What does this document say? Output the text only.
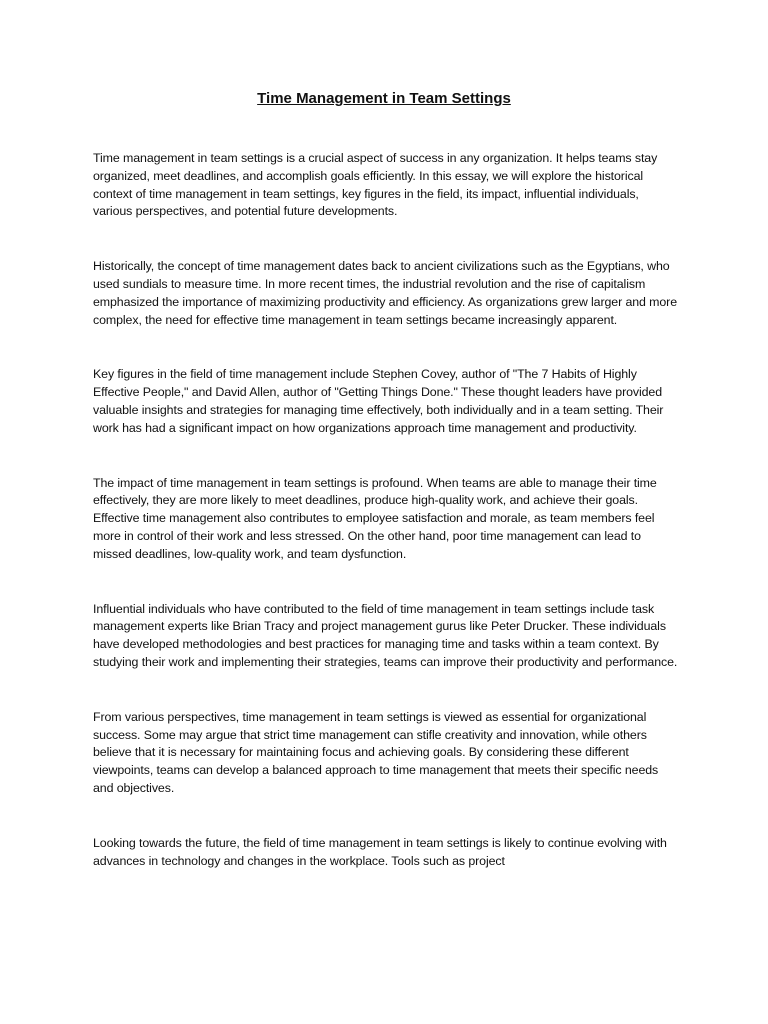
Time Management in Team Settings

Time management in team settings is a crucial aspect of success in any organization. It helps teams stay organized, meet deadlines, and accomplish goals efficiently. In this essay, we will explore the historical context of time management in team settings, key figures in the field, its impact, influential individuals, various perspectives, and potential future developments.

Historically, the concept of time management dates back to ancient civilizations such as the Egyptians, who used sundials to measure time. In more recent times, the industrial revolution and the rise of capitalism emphasized the importance of maximizing productivity and efficiency. As organizations grew larger and more complex, the need for effective time management in team settings became increasingly apparent.

Key figures in the field of time management include Stephen Covey, author of "The 7 Habits of Highly Effective People," and David Allen, author of "Getting Things Done." These thought leaders have provided valuable insights and strategies for managing time effectively, both individually and in a team setting. Their work has had a significant impact on how organizations approach time management and productivity.

The impact of time management in team settings is profound. When teams are able to manage their time effectively, they are more likely to meet deadlines, produce high-quality work, and achieve their goals. Effective time management also contributes to employee satisfaction and morale, as team members feel more in control of their work and less stressed. On the other hand, poor time management can lead to missed deadlines, low-quality work, and team dysfunction.

Influential individuals who have contributed to the field of time management in team settings include task management experts like Brian Tracy and project management gurus like Peter Drucker. These individuals have developed methodologies and best practices for managing time and tasks within a team context. By studying their work and implementing their strategies, teams can improve their productivity and performance.

From various perspectives, time management in team settings is viewed as essential for organizational success. Some may argue that strict time management can stifle creativity and innovation, while others believe that it is necessary for maintaining focus and achieving goals. By considering these different viewpoints, teams can develop a balanced approach to time management that meets their specific needs and objectives.

Looking towards the future, the field of time management in team settings is likely to continue evolving with advances in technology and changes in the workplace. Tools such as project
